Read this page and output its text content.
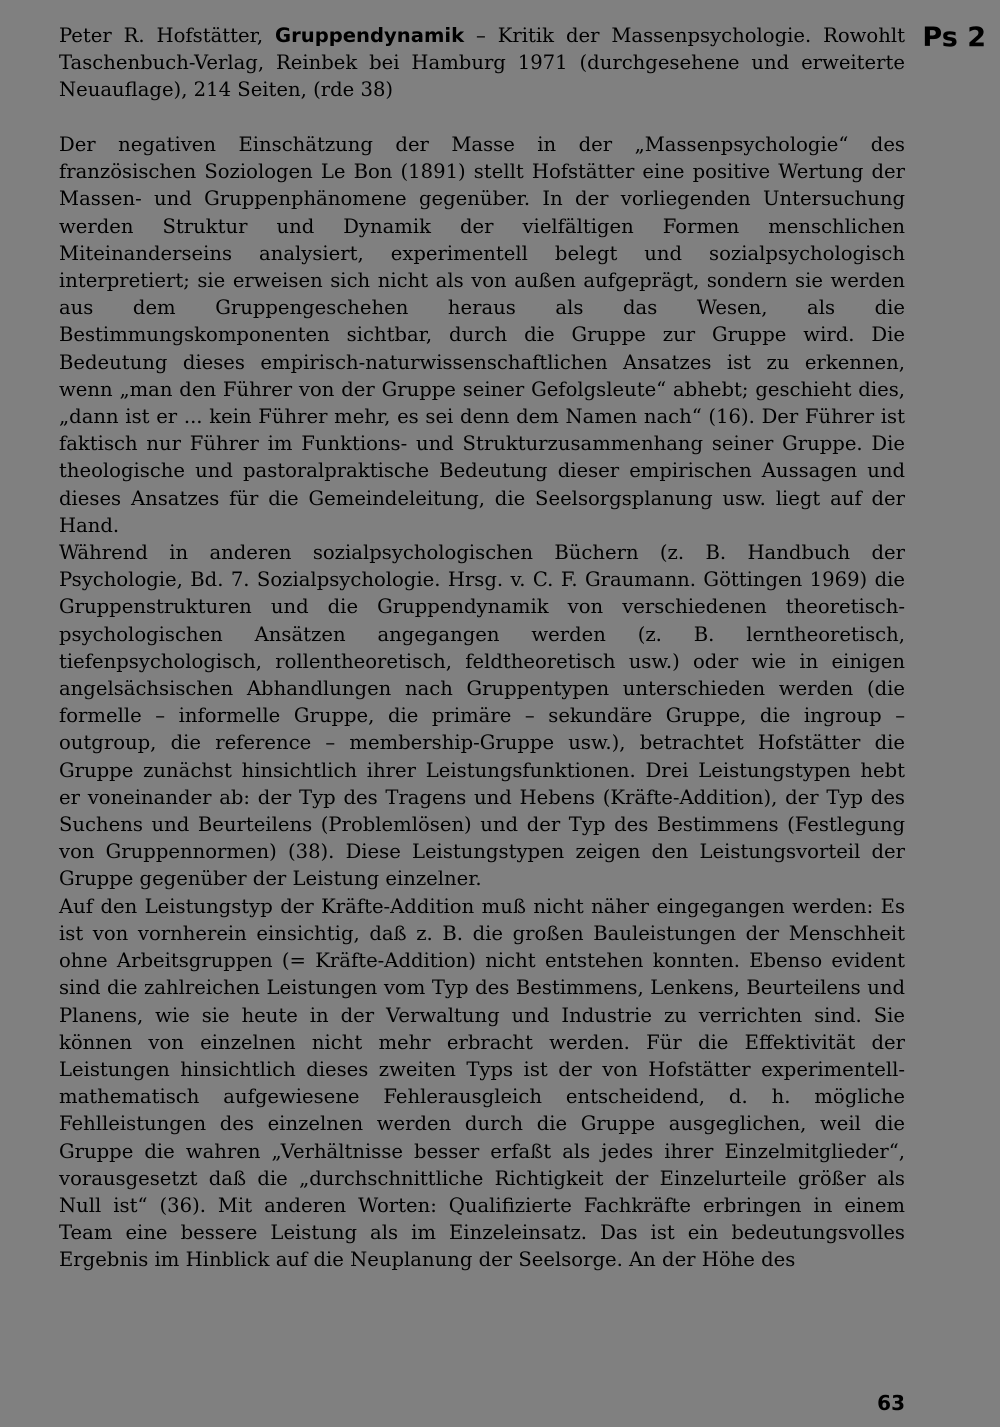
Ps 2

Peter R. Hofstätter, Gruppendynamik – Kritik der Massenpsychologie. Rowohlt Taschenbuch-Verlag, Reinbek bei Hamburg 1971 (durchgesehene und erweiterte Neuauflage), 214 Seiten, (rde 38)

Der negativen Einschätzung der Masse in der „Massenpsychologie“ des französischen Soziologen Le Bon (1891) stellt Hofstätter eine positive Wertung der Massen- und Gruppenphänomene gegenüber. In der vorliegenden Untersuchung werden Struktur und Dynamik der vielfältigen Formen menschlichen Miteinanderseins analysiert, experimentell belegt und sozialpsychologisch interpretiert; sie erweisen sich nicht als von außen aufgeprägt, sondern sie werden aus dem Gruppengeschehen heraus als das Wesen, als die Bestimmungskomponenten sichtbar, durch die Gruppe zur Gruppe wird. Die Bedeutung dieses empirisch-naturwissenschaftlichen Ansatzes ist zu erkennen, wenn „man den Führer von der Gruppe seiner Gefolgsleute“ abhebt; geschieht dies, „dann ist er ... kein Führer mehr, es sei denn dem Namen nach“ (16). Der Führer ist faktisch nur Führer im Funktions- und Strukturzusammenhang seiner Gruppe. Die theologische und pastoralpraktische Bedeutung dieser empirischen Aussagen und dieses Ansatzes für die Gemeindeleitung, die Seelsorgsplanung usw. liegt auf der Hand.

Während in anderen sozialpsychologischen Büchern (z. B. Handbuch der Psychologie, Bd. 7. Sozialpsychologie. Hrsg. v. C. F. Graumann. Göttingen 1969) die Gruppenstrukturen und die Gruppendynamik von verschiedenen theoretisch-psychologischen Ansätzen angegangen werden (z. B. lerntheoretisch, tiefenpsychologisch, rollentheoretisch, feldtheoretisch usw.) oder wie in einigen angelsächsischen Abhandlungen nach Gruppentypen unterschieden werden (die formelle – informelle Gruppe, die primäre – sekundäre Gruppe, die ingroup – outgroup, die reference – membership-Gruppe usw.), betrachtet Hofstätter die Gruppe zunächst hinsichtlich ihrer Leistungsfunktionen. Drei Leistungstypen hebt er voneinander ab: der Typ des Tragens und Hebens (Kräfte-Addition), der Typ des Suchens und Beurteilens (Problemlösen) und der Typ des Bestimmens (Festlegung von Gruppennormen) (38). Diese Leistungstypen zeigen den Leistungsvorteil der Gruppe gegenüber der Leistung einzelner.

Auf den Leistungstyp der Kräfte-Addition muß nicht näher eingegangen werden: Es ist von vornherein einsichtig, daß z. B. die großen Bauleistungen der Menschheit ohne Arbeitsgruppen (= Kräfte-Addition) nicht entstehen konnten. Ebenso evident sind die zahlreichen Leistungen vom Typ des Bestimmens, Lenkens, Beurteilens und Planens, wie sie heute in der Verwaltung und Industrie zu verrichten sind. Sie können von einzelnen nicht mehr erbracht werden. Für die Effektivität der Leistungen hinsichtlich dieses zweiten Typs ist der von Hofstätter experimentell-mathematisch aufgewiesene Fehlerausgleich entscheidend, d. h. mögliche Fehlleistungen des einzelnen werden durch die Gruppe ausgeglichen, weil die Gruppe die wahren „Verhältnisse besser erfaßt als jedes ihrer Einzelmitglieder“, vorausgesetzt daß die „durchschnittliche Richtigkeit der Einzelurteile größer als Null ist“ (36). Mit anderen Worten: Qualifizierte Fachkräfte erbringen in einem Team eine bessere Leistung als im Einzeleinsatz. Das ist ein bedeutungsvolles Ergebnis im Hinblick auf die Neuplanung der Seelsorge. An der Höhe des

63
